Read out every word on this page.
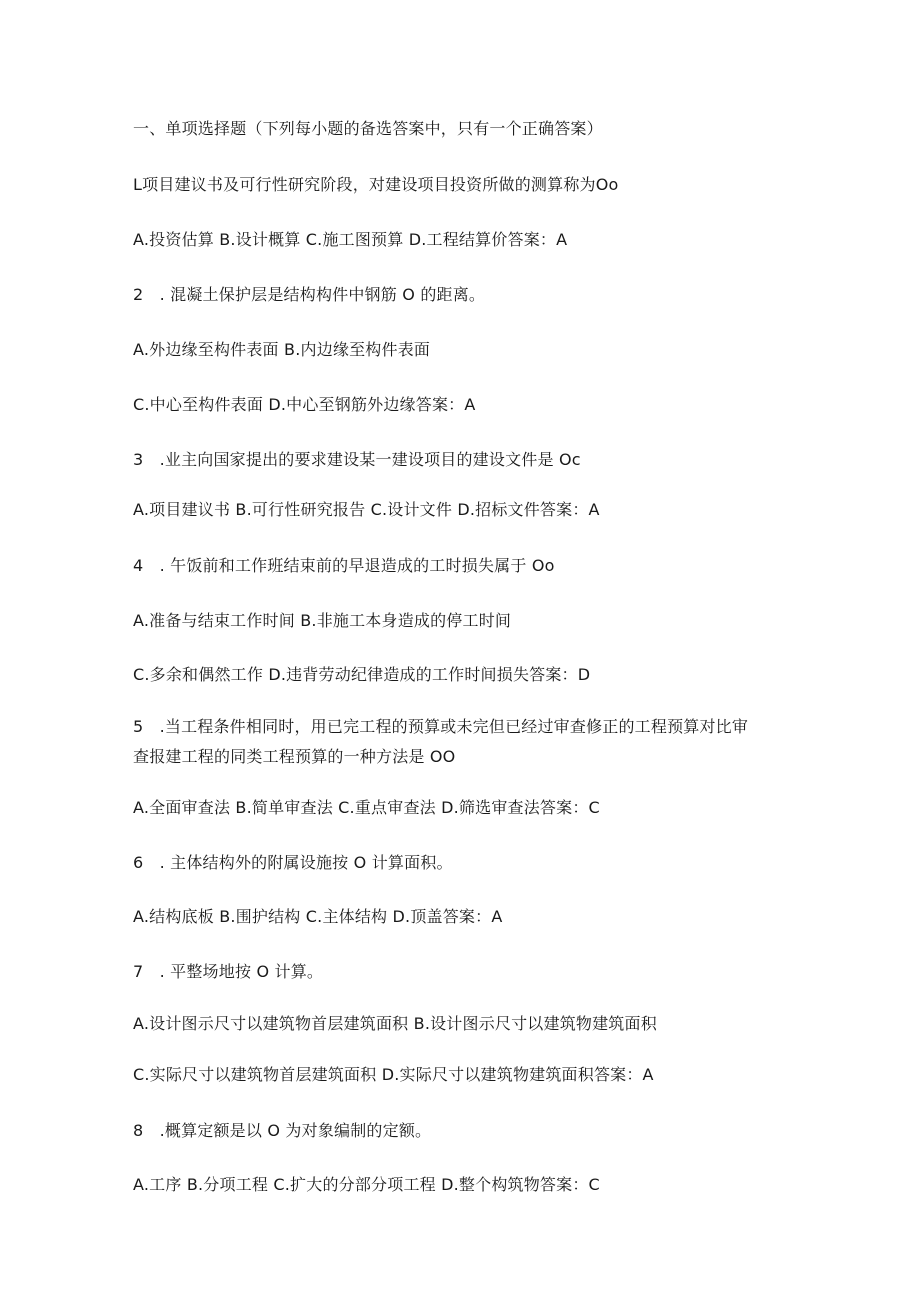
一、单项选择题（下列每小题的备选答案中，只有一个正确答案）
L项目建议书及可行性研究阶段，对建设项目投资所做的测算称为Oo
A.投资估算 B.设计概算 C.施工图预算 D.工程结算价答案：A
2　. 混凝土保护层是结构构件中钢筋 O 的距离。
A.外边缘至构件表面 B.内边缘至构件表面
C.中心至构件表面 D.中心至钢筋外边缘答案：A
3　.业主向国家提出的要求建设某一建设项目的建设文件是 Oc
A.项目建议书 B.可行性研究报告 C.设计文件 D.招标文件答案：A
4　. 午饭前和工作班结束前的早退造成的工时损失属于 Oo
A.准备与结束工作时间 B.非施工本身造成的停工时间
C.多余和偶然工作 D.违背劳动纪律造成的工作时间损失答案：D
5　.当工程条件相同时，用已完工程的预算或未完但已经过审查修正的工程预算对比审
查报建工程的同类工程预算的一种方法是 OO
A.全面审查法 B.简单审查法 C.重点审查法 D.筛选审查法答案：C
6　. 主体结构外的附属设施按 O 计算面积。
A.结构底板 B.围护结构 C.主体结构 D.顶盖答案：A
7　. 平整场地按 O 计算。
A.设计图示尺寸以建筑物首层建筑面积 B.设计图示尺寸以建筑物建筑面积
C.实际尺寸以建筑物首层建筑面积 D.实际尺寸以建筑物建筑面积答案：A
8　.概算定额是以 O 为对象编制的定额。
A.工序 B.分项工程 C.扩大的分部分项工程 D.整个构筑物答案：C
